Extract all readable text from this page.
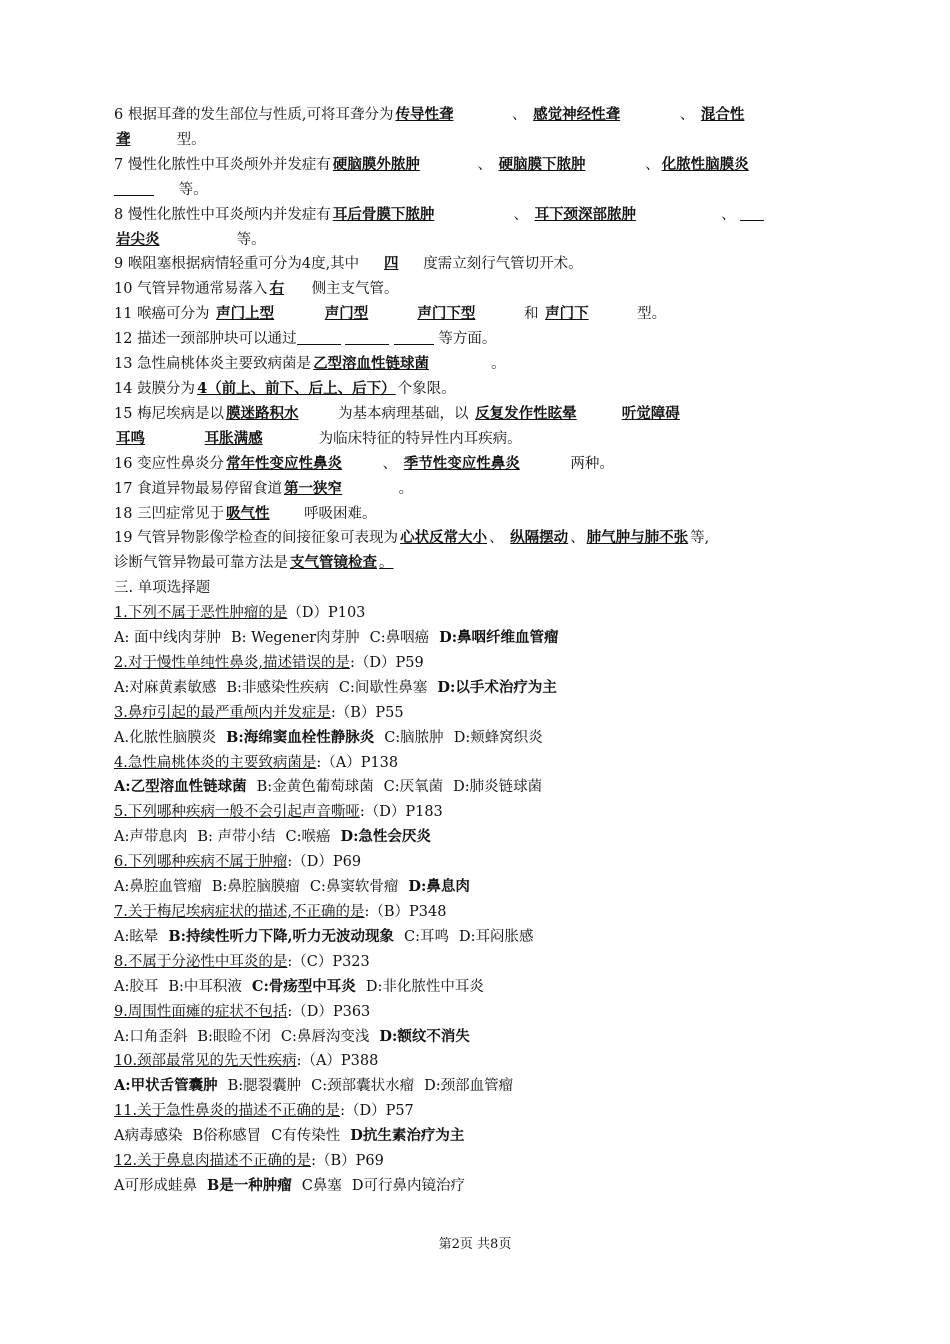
6 根据耳聋的发生部位与性质,可将耳聋分为 传导性聋	、 感觉神经性聋	、 混合性
聋	型。
7 慢性化脓性中耳炎颅外并发症有 硬脑膜外脓肿	、 硬脑膜下脓肿	、 化脓性脑膜炎
等。
8 慢性化脓性中耳炎颅内并发症有 耳后骨膜下脓肿	、 耳下颈深部脓肿	、
岩尖炎	等。
9 喉阻塞根据病情轻重可分为4度,其中 四 度需立刻行气管切开术。
10 气管异物通常易落入 右 侧主支气管。
11 喉癌可分为 声门上型	声门型	声门下型	和 声门下	型。
12 描述一颈部肿块可以通过	等方面。
13 急性扁桃体炎主要致病菌是 乙型溶血性链球菌	。
14 鼓膜分为 4（前上、前下、后上、后下） 个象限。
15 梅尼埃病是以 膜迷路积水	为基本病理基础，以 反复发作性眩晕	听觉障碍
耳鸣	耳胀满感	为临床特征的特异性内耳疾病。
16 变应性鼻炎分 常年性变应性鼻炎 、 季节性变应性鼻炎	两种。
17 食道异物最易停留食道 第一狭窄	。
18 三凹症常见于 吸气性 呼吸困难。
19 气管异物影像学检查的间接征象可表现为 心状反常大小 、 纵隔摆动 、 肺气肿与肺不张 等,
诊断气管异物最可靠方法是 支气管镜检查 。
三. 单项选择题
1.下列不属于恶性肿瘤的是（D）P103
A: 面中线肉芽肿 B: Wegener肉芽肿 C:鼻咽癌 D:鼻咽纤维血管瘤
2.对于慢性单纯性鼻炎,描述错误的是:（D）P59
A:对麻黄素敏感 B:非感染性疾病 C:间歇性鼻塞 D:以手术治疗为主
3.鼻疖引起的最严重颅内并发症是:（B）P55
A.化脓性脑膜炎 B:海绵窦血栓性静脉炎 C:脑脓肿 D:颊蜂窝织炎
4.急性扁桃体炎的主要致病菌是:（A）P138
A:乙型溶血性链球菌 B:金黄色葡萄球菌 C:厌氧菌 D:肺炎链球菌
5.下列哪种疾病一般不会引起声音嘶哑:（D）P183
A:声带息肉 B: 声带小结 C:喉癌 D:急性会厌炎
6.下列哪种疾病不属于肿瘤:（D）P69
A:鼻腔血管瘤 B:鼻腔脑膜瘤 C:鼻窦软骨瘤 D:鼻息肉
7.关于梅尼埃病症状的描述,不正确的是:（B）P348
A:眩晕 B:持续性听力下降,听力无波动现象 C:耳鸣 D:耳闷胀感
8.不属于分泌性中耳炎的是:（C）P323
A:胶耳 B:中耳积液 C:骨疡型中耳炎 D:非化脓性中耳炎
9.周围性面瘫的症状不包括:（D）P363
A:口角歪斜 B:眼睑不闭 C:鼻唇沟变浅 D:额纹不消失
10.颈部最常见的先天性疾病:（A）P388
A:甲状舌管囊肿 B:腮裂囊肿 C:颈部囊状水瘤 D:颈部血管瘤
11.关于急性鼻炎的描述不正确的是:（D）P57
A病毒感染 B俗称感冒 C有传染性 D抗生素治疗为主
12.关于鼻息肉描述不正确的是:（B）P69
A可形成蛙鼻 B是一种肿瘤 C鼻塞 D可行鼻内镜治疗
第2页 共8页
